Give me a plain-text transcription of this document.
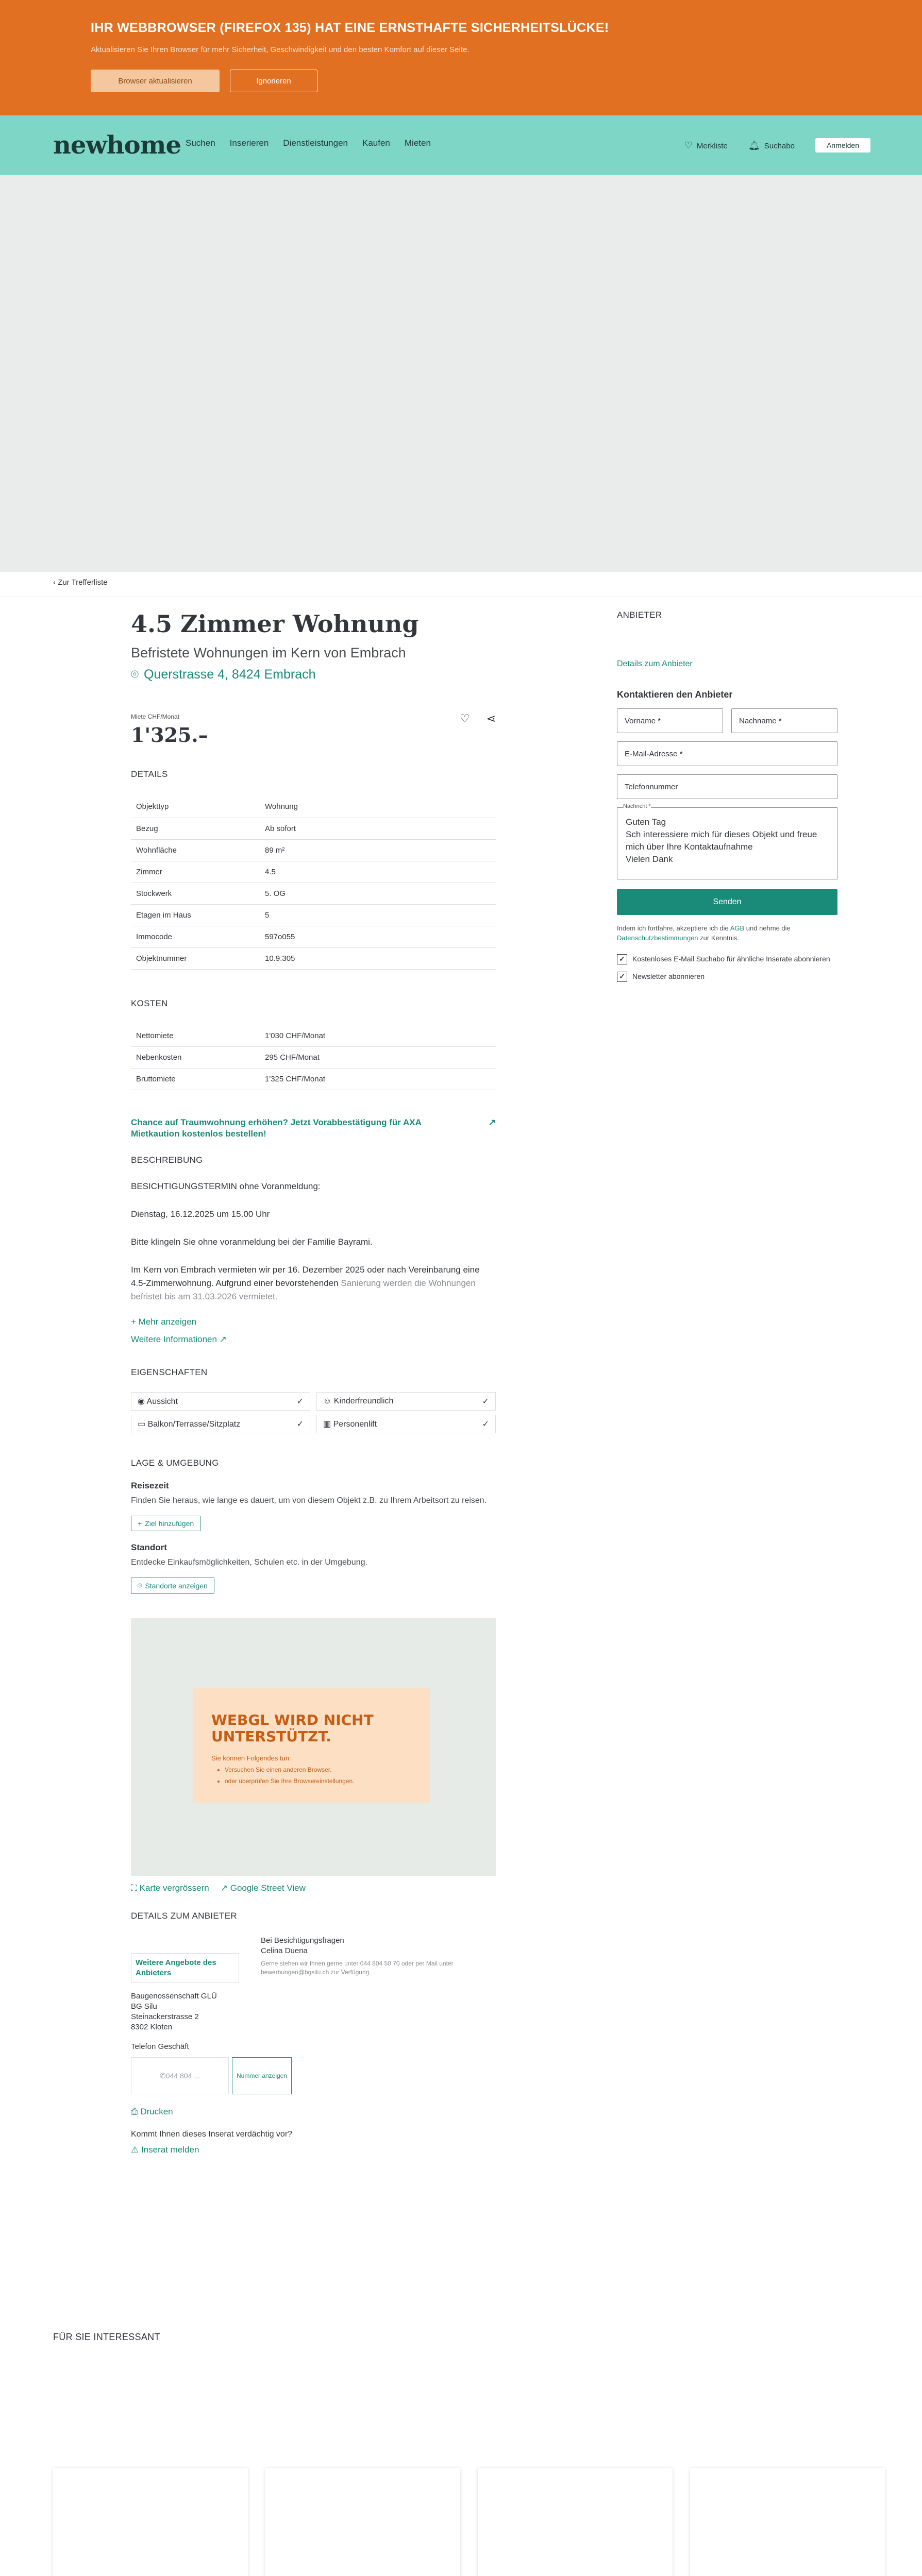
IHR WEBBROWSER (FIREFOX 135) HAT EINE ERNSTHAFTE SICHERHEITSLÜCKE!

Aktualisieren Sie Ihren Browser für mehr Sicherheit, Geschwindigkeit und den besten Komfort auf dieser Seite.

Browser aktualisieren	Ignorieren
newhome Suchen Inserieren Dienstleistungen Kaufen Mieten	♡ Merkliste 🔔︎ Suchabo	Anmelden
‹ Zur Trefferliste
4.5 Zimmer Wohnung
Befristete Wohnungen im Kern von Embrach
⌾ Querstrasse 4, 8424 Embrach
Miete CHF/Monat
1'325.–
♡ ⋖
DETAILS
Objekttyp	Wohnung
Bezug	Ab sofort
Wohnfläche	89 m²
Zimmer	4.5
Stockwerk	5. OG
Etagen im Haus	5
Immocode	597o055
Objektnummer	10.9.305
KOSTEN
Nettomiete	1'030 CHF/Monat
Nebenkosten	295 CHF/Monat
Bruttomiete	1'325 CHF/Monat
Chance auf Traumwohnung erhöhen? Jetzt Vorabbestätigung für AXA Mietkaution kostenlos bestellen!
↗
BESCHREIBUNG

BESICHTIGUNGSTERMIN ohne Voranmeldung:

Dienstag, 16.12.2025 um 15.00 Uhr

Bitte klingeln Sie ohne voranmeldung bei der Familie Bayrami.

Im Kern von Embrach vermieten wir per 16. Dezember 2025 oder nach Vereinbarung eine 4.5-Zimmerwohnung. Aufgrund einer bevorstehenden Sanierung werden die Wohnungen befristet bis am 31.03.2026 vermietet.

+ Mehr anzeigen
Weitere Informationen ↗
EIGENSCHAFTEN
◉ Aussicht	✓ ☺ Kinderfreundlich	✓
▭ Balkon/Terrasse/Sitzplatz	✓ ▥ Personenlift	✓
LAGE & UMGEBUNG
Reisezeit
Finden Sie heraus, wie lange es dauert, um von diesem Objekt z.B. zu Ihrem Arbeitsort zu reisen.
+ Ziel hinzufügen
Standort
Entdecke Einkaufsmöglichkeiten, Schulen etc. in der Umgebung.
⌾ Standorte anzeigen
WEBGL WIRD NICHT UNTERSTÜTZT.

Sie können Folgendes tun:

• Versuchen Sie einen anderen Browser.
• oder überprüfen Sie Ihre Browsereinstellungen.
⛶ Karte vergrössern ↗ Google Street View
DETAILS ZUM ANBIETER
Bei Besichtigungsfragen
Celina Duena
Gerne stehen wir Ihnen gerne unter 044 804 50 70 oder per Mail unter bewerbungen@bgsilu.ch zur Verfügung.
Weitere Angebote des Anbieters
Baugenossenschaft GLÜ
BG Silu
Steinackerstrasse 2
8302 Kloten
Telefon Geschäft
✆ 044 804 ...	Nummer anzeigen
⎙ Drucken
Kommt Ihnen dieses Inserat verdächtig vor?
⚠ Inserat melden
ANBIETER
Details zum Anbieter
Kontaktieren den Anbieter
Vorname *	Nachname *
E-Mail-Adresse *
Telefonnummer
Nachricht *
Guten Tag Sch interessiere mich für dieses Objekt und freue mich über Ihre Kontaktaufnahme Vielen Dank
Senden
Indem ich fortfahre, akzeptiere ich die AGB und nehme die Datenschutzbestimmungen zur Kenntnis.
✓ Kostenloses E-Mail Suchabo für ähnliche Inserate abonnieren
✓ Newsletter abonnieren
FÜR SIE INTERESSANT
